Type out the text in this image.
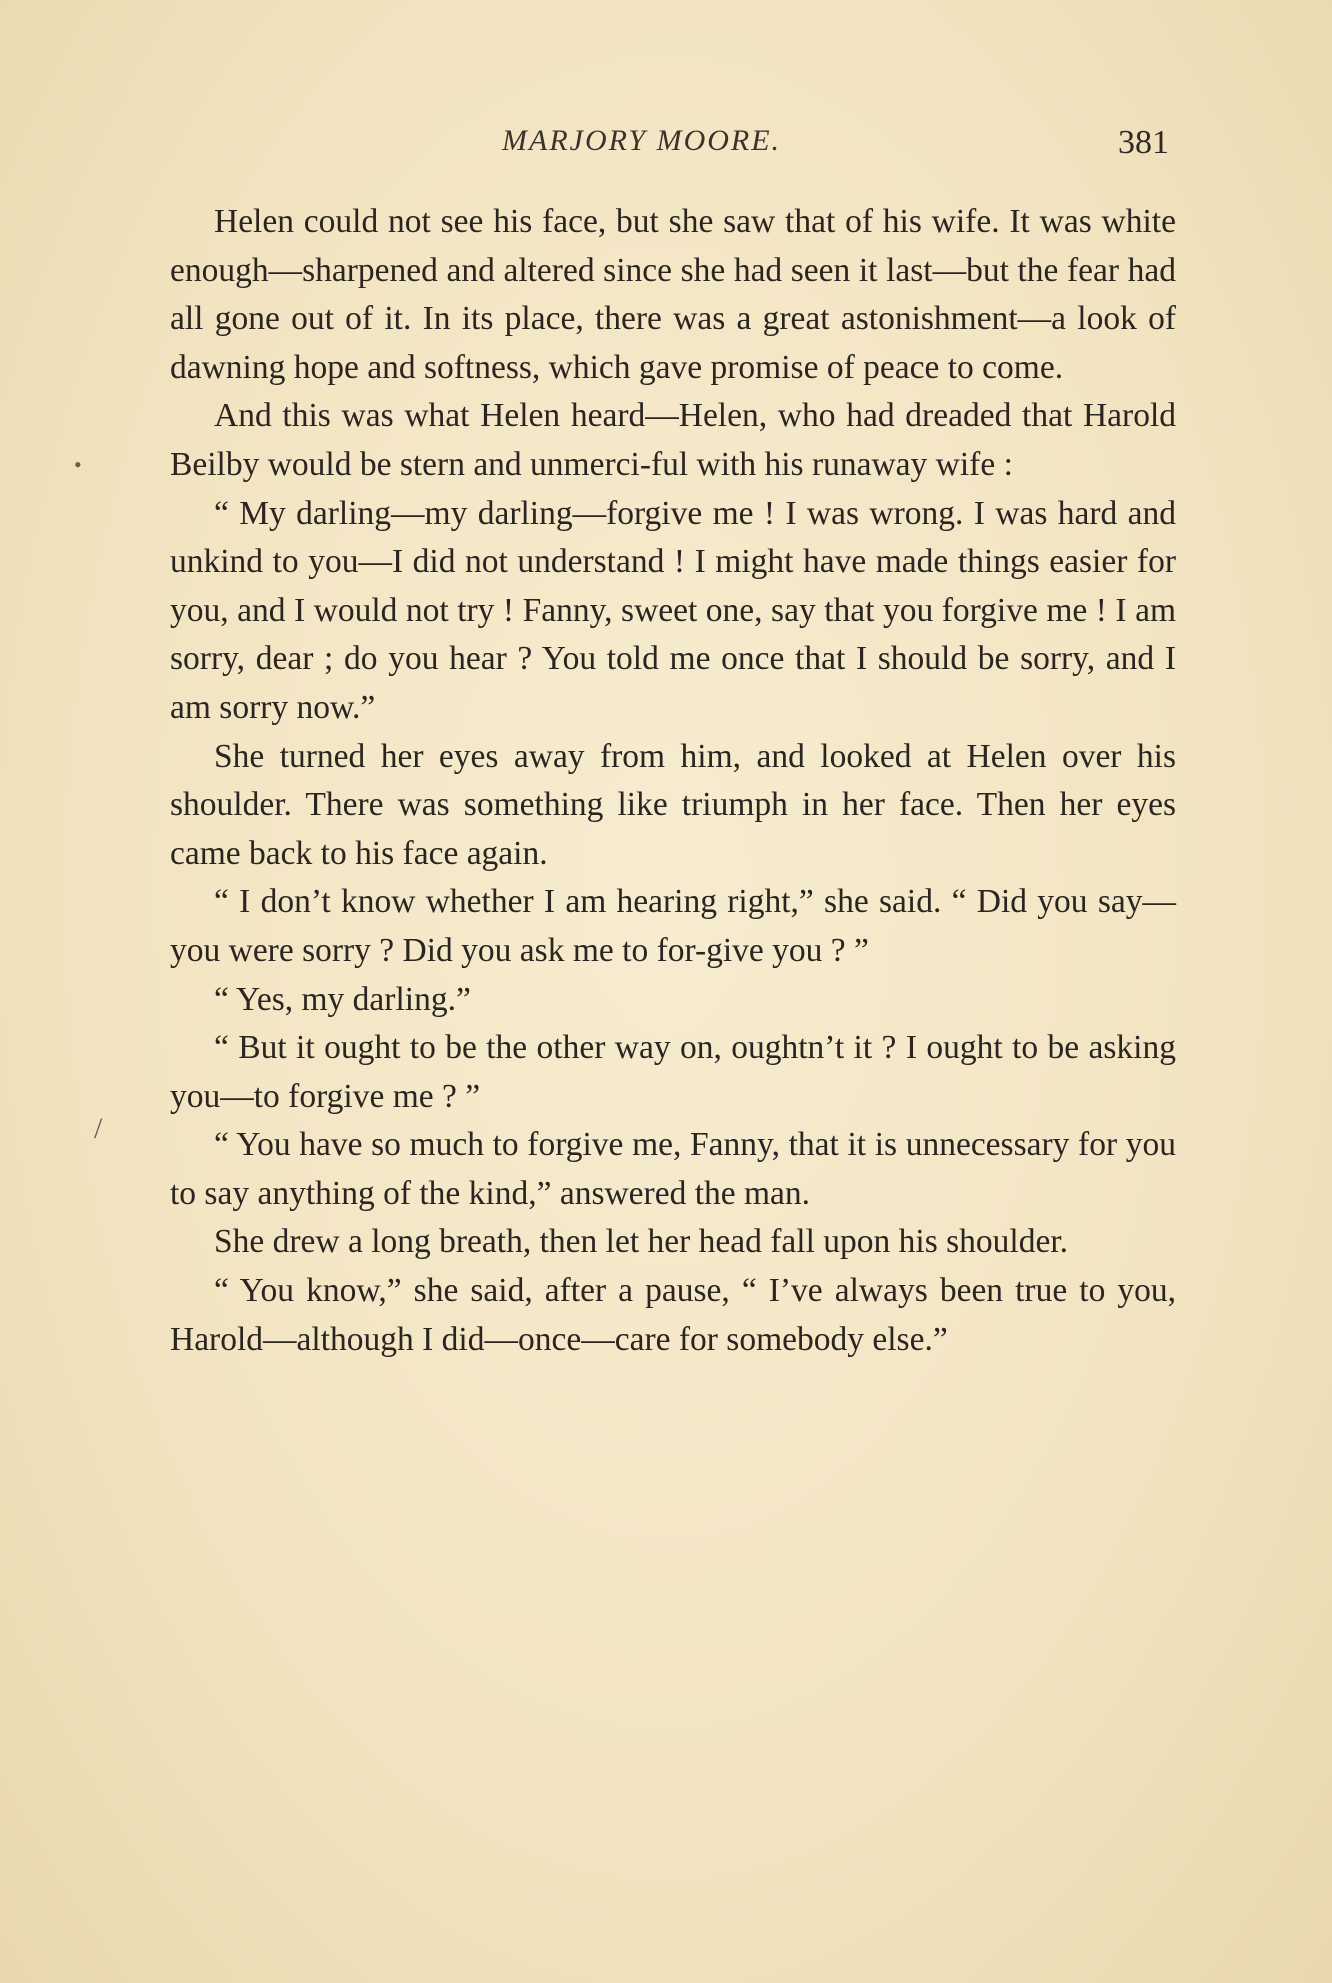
MARJORY MOORE.	381

Helen could not see his face, but she saw that of his wife. It was white enough—sharpened and altered since she had seen it last—but the fear had all gone out of it. In its place, there was a great astonishment—a look of dawning hope and softness, which gave promise of peace to come.

And this was what Helen heard—Helen, who had dreaded that Harold Beilby would be stern and unmerci-ful with his runaway wife :

“ My darling—my darling—forgive me ! I was wrong. I was hard and unkind to you—I did not understand ! I might have made things easier for you, and I would not try ! Fanny, sweet one, say that you forgive me ! I am sorry, dear ; do you hear ? You told me once that I should be sorry, and I am sorry now.”

She turned her eyes away from him, and looked at Helen over his shoulder. There was something like triumph in her face. Then her eyes came back to his face again.

“ I don’t know whether I am hearing right,” she said. “ Did you say—you were sorry ? Did you ask me to for-give you ? ”

“ Yes, my darling.”

“ But it ought to be the other way on, oughtn’t it ? I ought to be asking you—to forgive me ? ”

“ You have so much to forgive me, Fanny, that it is unnecessary for you to say anything of the kind,” answered the man.

She drew a long breath, then let her head fall upon his shoulder.

“ You know,” she said, after a pause, “ I’ve always been true to you, Harold—although I did—once—care for somebody else.”

•
/
